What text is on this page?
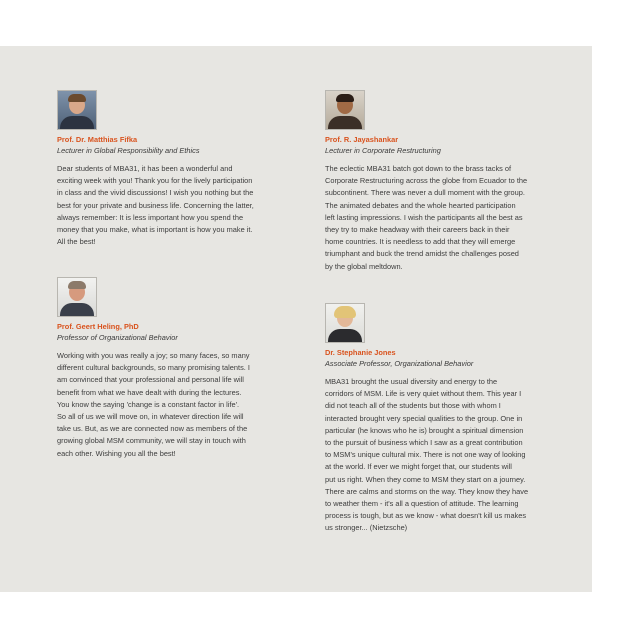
Prof. Dr. Matthias Fifka
Lecturer in Global Responsibility and Ethics

Dear students of MBA31, it has been a wonderful and

exciting week with you! Thank you for the lively participation

in class and the vivid discussions! I wish you nothing but the

best for your private and business life. Concerning the latter,

always remember: It is less important how you spend the

money that you make, what is important is how you make it.

All the best!

Prof. R. Jayashankar
Lecturer in Corporate Restructuring

The eclectic MBA31 batch got down to the brass tacks of

Corporate Restructuring across the globe from Ecuador to the

subcontinent. There was never a dull moment with the group.

The animated debates and the whole hearted participation

left lasting impressions. I wish the participants all the best as

they try to make headway with their careers back in their

home countries. It is needless to add that they will emerge

triumphant and buck the trend amidst the challenges posed

by the global meltdown.

Prof. Geert Heling, PhD
Professor of Organizational Behavior

Working with you was really a joy; so many faces, so many

different cultural backgrounds, so many promising talents. I

am convinced that your professional and personal life will

benefit from what we have dealt with during the lectures.

You know the saying 'change is a constant factor in life'.

So all of us we will move on, in whatever direction life will

take us. But, as we are connected now as members of the

growing global MSM community, we will stay in touch with

each other. Wishing you all the best!

Dr. Stephanie Jones
Associate Professor, Organizational Behavior

MBA31 brought the usual diversity and energy to the

corridors of MSM. Life is very quiet without them. This year I

did not teach all of the students but those with whom I

interacted brought very special qualities to the group. One in

particular (he knows who he is) brought a spiritual dimension

to the pursuit of business which I saw as a great contribution

to MSM's unique cultural mix. There is not one way of looking

at the world. If ever we might forget that, our students will

put us right. When they come to MSM they start on a journey.

There are calms and storms on the way. They know they have

to weather them - it's all a question of attitude. The learning

process is tough, but as we know - what doesn't kill us makes

us stronger... (Nietzsche)
